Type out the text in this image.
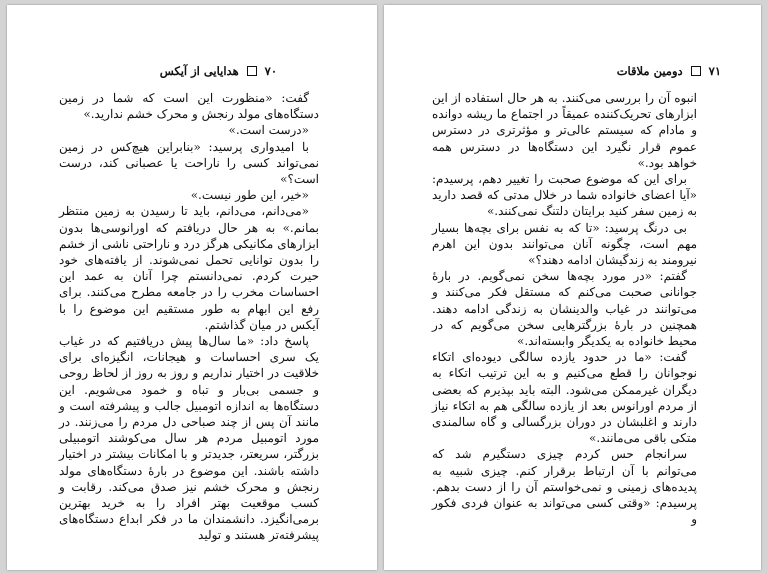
۷۰
هدایایی از آیکس

گفت: «منظورت این است که شما در زمین دستگاه‌های مولد رنجش و محرک خشم ندارید.»

«درست است.»

با امیدواری پرسید: «بنابراین هیچ‌کس در زمین نمی‌تواند کسی را ناراحت یا عصبانی کند، درست است؟»

«خیر، این طور نیست.»

«می‌دانم، می‌دانم، باید تا رسیدن به زمین منتظر بمانم.» به هر حال دریافتم که اورانوسی‌ها بدون ابزارهای مکانیکی هرگز درد و ناراحتی ناشی از خشم را بدون توانایی تحمل نمی‌شوند. از یافته‌های خود حیرت کردم. نمی‌دانستم چرا آنان به عمد این احساسات مخرب را در جامعه مطرح می‌کنند. برای رفع این ابهام به طور مستقیم این موضوع را با آیکس در میان گذاشتم.

پاسخ داد: «ما سال‌ها پیش دریافتیم که در غیاب یک سری احساسات و هیجانات، انگیزه‌ای برای خلاقیت در اختیار نداریم و روز به روز از لحاظ روحی و جسمی بی‌بار و تباه و خمود می‌شویم. این دستگاه‌ها به اندازه اتومبیل جالب و پیشرفته است و مانند آن پس از چند صباحی دل مردم را می‌زنند. در مورد اتومبیل مردم هر سال می‌کوشند اتومبیلی بزرگتر، سریعتر، جدیدتر و با امکانات بیشتر در اختیار داشته باشند. این موضوع در بارهٔ دستگاه‌های مولد رنجش و محرک خشم نیز صدق می‌کند. رقابت و کسب موقعیت بهتر افراد را به خرید بهترین برمی‌انگیزد. دانشمندان ما در فکر ابداع دستگاه‌های پیشرفته‌تر هستند و تولید

۷۱
دومین ملاقات

انبوه آن را بررسی می‌کنند. به هر حال استفاده از این ابزارهای تحریک‌کننده عمیقاً در اجتماع ما ریشه دوانده و مادام که سیستم عالی‌تر و مؤثرتری در دسترس عموم قرار نگیرد این دستگاه‌ها در دسترس همه خواهد بود.»

برای این که موضوع صحبت را تغییر دهم، پرسیدم: «آیا اعضای خانواده شما در خلال مدتی که قصد دارید به زمین سفر کنید برایتان دلتنگ نمی‌کنند.»

بی درنگ پرسید: «تا که به نفس برای بچه‌ها بسیار مهم است، چگونه آنان می‌توانند بدون این اهرم نیرومند به زندگیشان ادامه دهند؟»

گفتم: «در مورد بچه‌ها سخن نمی‌گویم. در بارهٔ جوانانی صحبت می‌کنم که مستقل فکر می‌کنند و می‌توانند در غیاب والدینشان به زندگی ادامه دهند. همچنین در بارهٔ بزرگترهایی سخن می‌گویم که در محیط خانواده به یکدیگر وابسته‌اند.»

گفت: «ما در حدود یازده سالگی دیوده‌ای اتکاء نوجوانان را قطع می‌کنیم و به این ترتیب اتکاء به دیگران غیرممکن می‌شود. البته باید بپذیرم که بعضی از مردم اورانوس بعد از یازده سالگی هم به اتکاء نیاز دارند و اغلبشان در دوران بزرگسالی و گاه سالمندی متکی باقی می‌مانند.»

سرانجام حس کردم چیزی دستگیرم شد که می‌توانم با آن ارتباط برقرار کنم. چیزی شبیه به پدیده‌های زمینی و نمی‌خواستم آن را از دست بدهم. پرسیدم: «وقتی کسی می‌تواند به عنوان فردی فکور و
